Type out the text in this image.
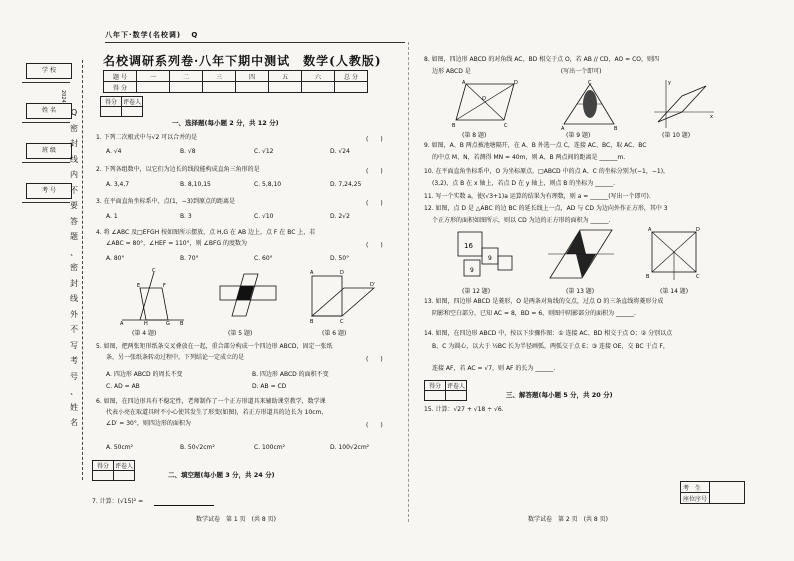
八年下·数学(名校调) Q
学 校
姓 名
班 级
考 号
2024
Q
密
封
线
内
不
要
答
题
、
密
封
线
外
不
写
考
号
、
姓
名
名校调研系列卷·八年下期中测试　数学(人教版)
题 号	一	二	三	四	五	六	总 分
得 分							
得分	评卷人

一、选择题(每小题 2 分，共 12 分)
1. 下列二次根式中与√2 可以合并的是	(　　)
A. √4	B. √8	C. √12	D. √24
2. 下列各组数中，以它们为边长的线段能构成直角三角形的是	(　　)
A. 3,4,7	B. 8,10,15	C. 5,8,10	D. 7,24,25
3. 在平面直角坐标系中，点(1，−3)到原点的距离是	(　　)
A. 1	B. 3	C. √10	D. 2√2
4. 将 ∠ABC 及□EFGH 按如图所示摆放，点 H,G 在 AB 边上，点 F 在 BC 上，若
∠ABC = 80°，∠HEF = 110°，则 ∠BFG 的度数为	(　　)
A. 80°	B. 70°	C. 60°	D. 50°
C
E	F
A	H	G B
A	D
D′
B	C
(第 4 题)	(第 5 题)	(第 6 题)
5. 如图，把两张矩形纸条交叉叠放在一起，重合部分构成一个四边形 ABCD，固定一张纸
条，另一张纸条转动过程中，下列结论一定成立的是	(　　)
A. 四边形 ABCD 的周长不变	B. 四边形 ABCD 的面积不变
C. AD = AB	D. AB = CD
6. 如图，在四边形具有不稳定性，老师制作了一个正方形道具来辅助课堂教学，数学课
代表小亮在取道具时不小心使其发生了形变(如图)，若正方形道具的边长为 10cm，
∠D′ = 30°，则四边形的面积为	(　　)
A. 50cm²	B. 50√2cm²	C. 100cm²	D. 100√2cm²
得分	评卷人

二、填空题(每小题 3 分，共 24 分)
7. 计算：(√15)² =
数学试卷　第 1 页　(共 8 页)
8. 如图，四边形 ABCD 的对角线 AC、BD 相交于点 O，若 AB // CD，AO = CO，则四
边形 ABCD 是　　　　　　　　　　　　　　　(写出一个即可)
A	D
B	C
O
C
A	B
x
y
(第 8 题)	(第 9 题)	(第 10 题)
9. 如图，A、B 两点被池塘隔开，在 A、B 外选一点 C，连接 AC、BC，取 AC、BC
的中点 M、N，若测得 MN = 40m，则 A、B 两点间的距离是 ______m.
10. 在平面直角坐标系中，O 为坐标原点，□ABCD 中的点 A、C 的坐标分别为(−1，−1)，
(3,2)，点 B 在 x 轴上，若点 D 在 y 轴上，则点 B 的坐标为 ______.
11. 写一个实数 a，使(√3+1)a 运算的结果为有理数，则 a = ______(写出一个即可).
12. 如图，点 D 是 △ABC 的边 BC 的延长线上一点，AD 与 CD 为边向外作正方形，其中 3
个正方形的面积如图所示，则以 CD 为边的正方形的面积为 ______.
16
9
9
A	D
B	C
(第 12 题)	(第 13 题)	(第 14 题)
13. 如图，四边形 ABCD 是菱形，O 是两条对角线的交点，过点 O 的三条直线将菱形分成
阴影和空白部分，已知 AC = 8，BD = 6，则图中阴影部分的面积为 ______.
14. 如图，在四边形 ABCD 中，按以下步骤作图：① 连接 AC、BD 相交于点 O；② 分别以点
B、C 为圆心，以大于 ½BC 长为半径画弧，两弧交于点 E；③ 连接 OE，交 BC 于点 F，
连接 AF，若 AC = √7，则 AF 的长为 ______.
得分	评卷人

三、解答题(每小题 5 分，共 20 分)
15. 计算：√27 + √18 ÷ √6.
考　生	
座位序号
数学试卷　第 2 页　(共 8 页)
